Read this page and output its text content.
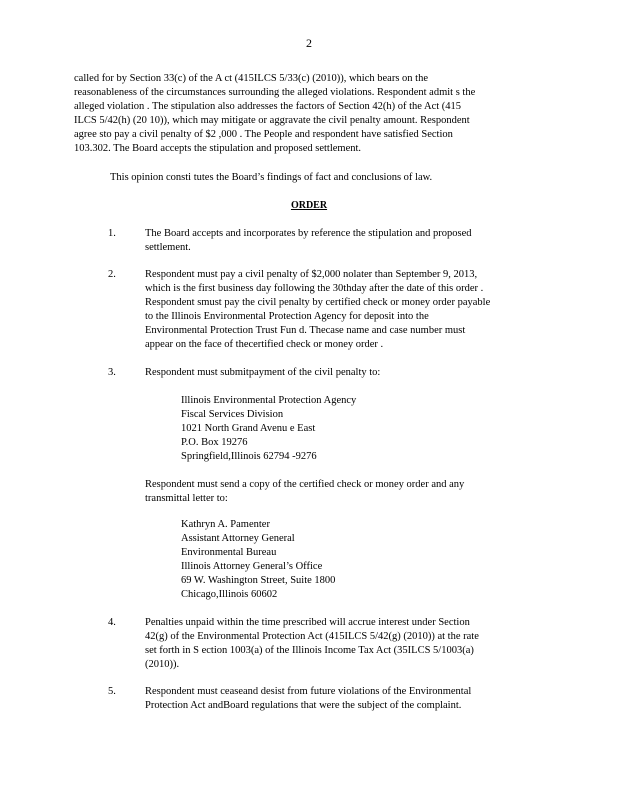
2

called for by Section 33(c) of the A ct (415ILCS 5/33(c) (2010)), which bears on the

reasonableness of the circumstances surrounding the alleged violations. Respondent admit s the

alleged violation . The stipulation also addresses the factors of Section 42(h) of the Act (415

ILCS 5/42(h) (20 10)), which may mitigate or aggravate the civil penalty amount. Respondent

agree sto pay a civil penalty of $2 ,000 . The People and respondent have satisfied Section

103.302. The Board accepts the stipulation and proposed settlement.

This opinion consti tutes the Board’s findings of fact and conclusions of law.
ORDER
1.	The Board accepts and incorporates by reference the stipulation and proposed

settlement.

2.	Respondent must pay a civil penalty of $2,000 nolater than September 9, 2013,

which is the first business day following the 30thday after the date of this order .

Respondent smust pay the civil penalty by certified check or money order payable

to the Illinois Environmental Protection Agency for deposit into the

Environmental Protection Trust Fun d. Thecase name and case number must

appear on the face of thecertified check or money order .

3.	Respondent must submitpayment of the civil penalty to:

Illinois Environmental Protection Agency

Fiscal Services Division

1021 North Grand Avenu e East

P.O. Box 19276

Springfield,Illinois 62794 -9276

Respondent must send a copy of the certified check or money order and any

transmittal letter to:

Kathryn A. Pamenter

Assistant Attorney General

Environmental Bureau

Illinois Attorney General’s Office

69 W. Washington Street, Suite 1800

Chicago,Illinois 60602

4.	Penalties unpaid within the time prescribed will accrue interest under Section

42(g) of the Environmental Protection Act (415ILCS 5/42(g) (2010)) at the rate

set forth in S ection 1003(a) of the Illinois Income Tax Act (35ILCS 5/1003(a)

(2010)).

5.	Respondent must ceaseand desist from future violations of the Environmental

Protection Act andBoard regulations that were the subject of the complaint.
